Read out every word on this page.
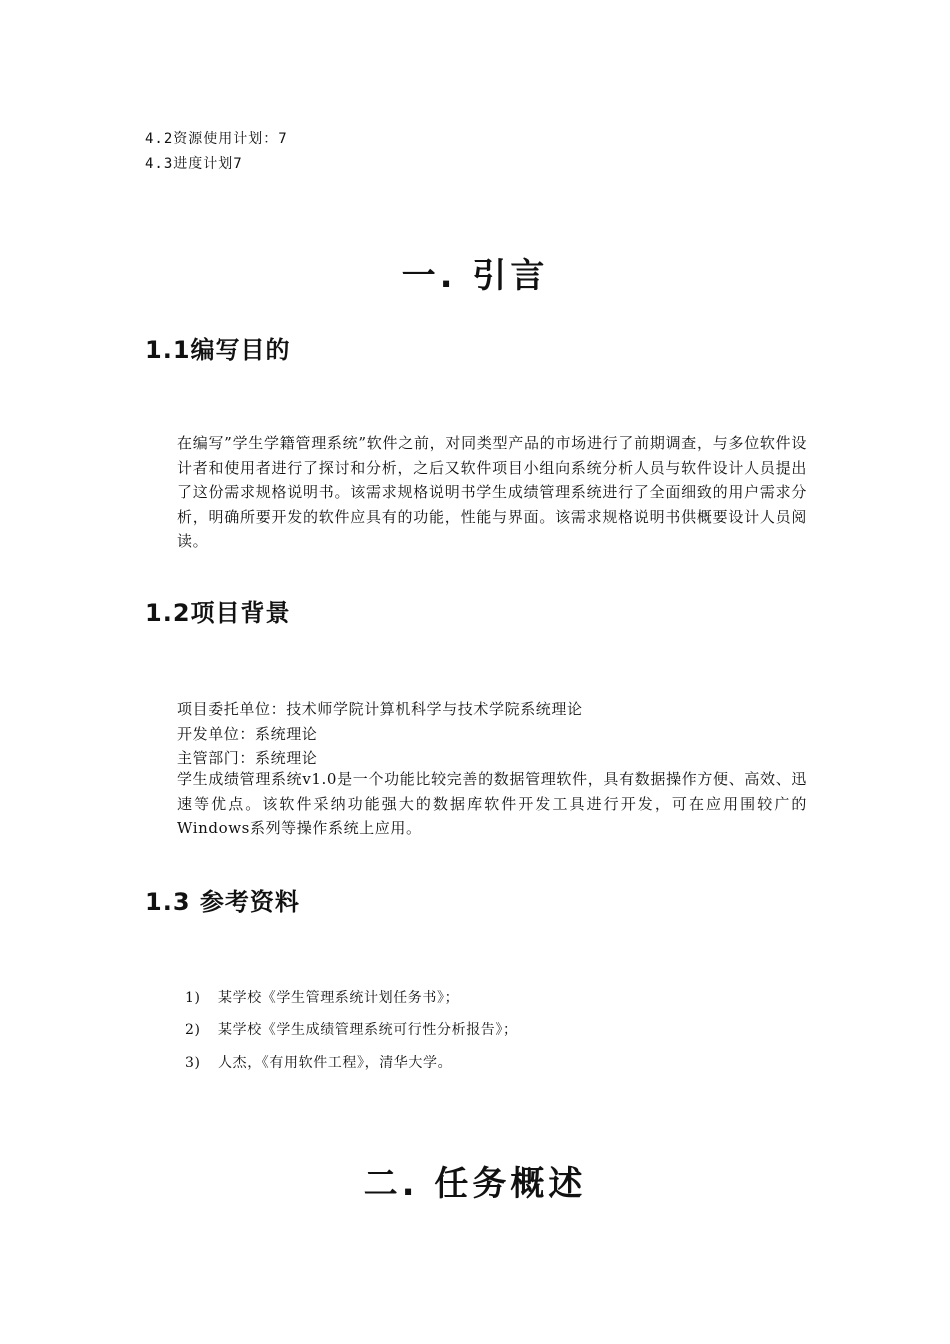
4.2资源使用计划：7
4.3进度计划7
一. 引言
1.1编写目的
在编写”学生学籍管理系统”软件之前，对同类型产品的市场进行了前期调查，与多位软件设计者和使用者进行了探讨和分析，之后又软件项目小组向系统分析人员与软件设计人员提出了这份需求规格说明书。该需求规格说明书学生成绩管理系统进行了全面细致的用户需求分析，明确所要开发的软件应具有的功能，性能与界面。该需求规格说明书供概要设计人员阅读。
1.2项目背景
项目委托单位：技术师学院计算机科学与技术学院系统理论
开发单位：系统理论
主管部门：系统理论
学生成绩管理系统v1.0是一个功能比较完善的数据管理软件，具有数据操作方便、高效、迅速等优点。该软件采纳功能强大的数据库软件开发工具进行开发，可在应用围较广的Windows系列等操作系统上应用。
1.3 参考资料
1) 某学校《学生管理系统计划任务书》；
2) 某学校《学生成绩管理系统可行性分析报告》；
3) 人杰，《有用软件工程》，清华大学。
二. 任务概述
